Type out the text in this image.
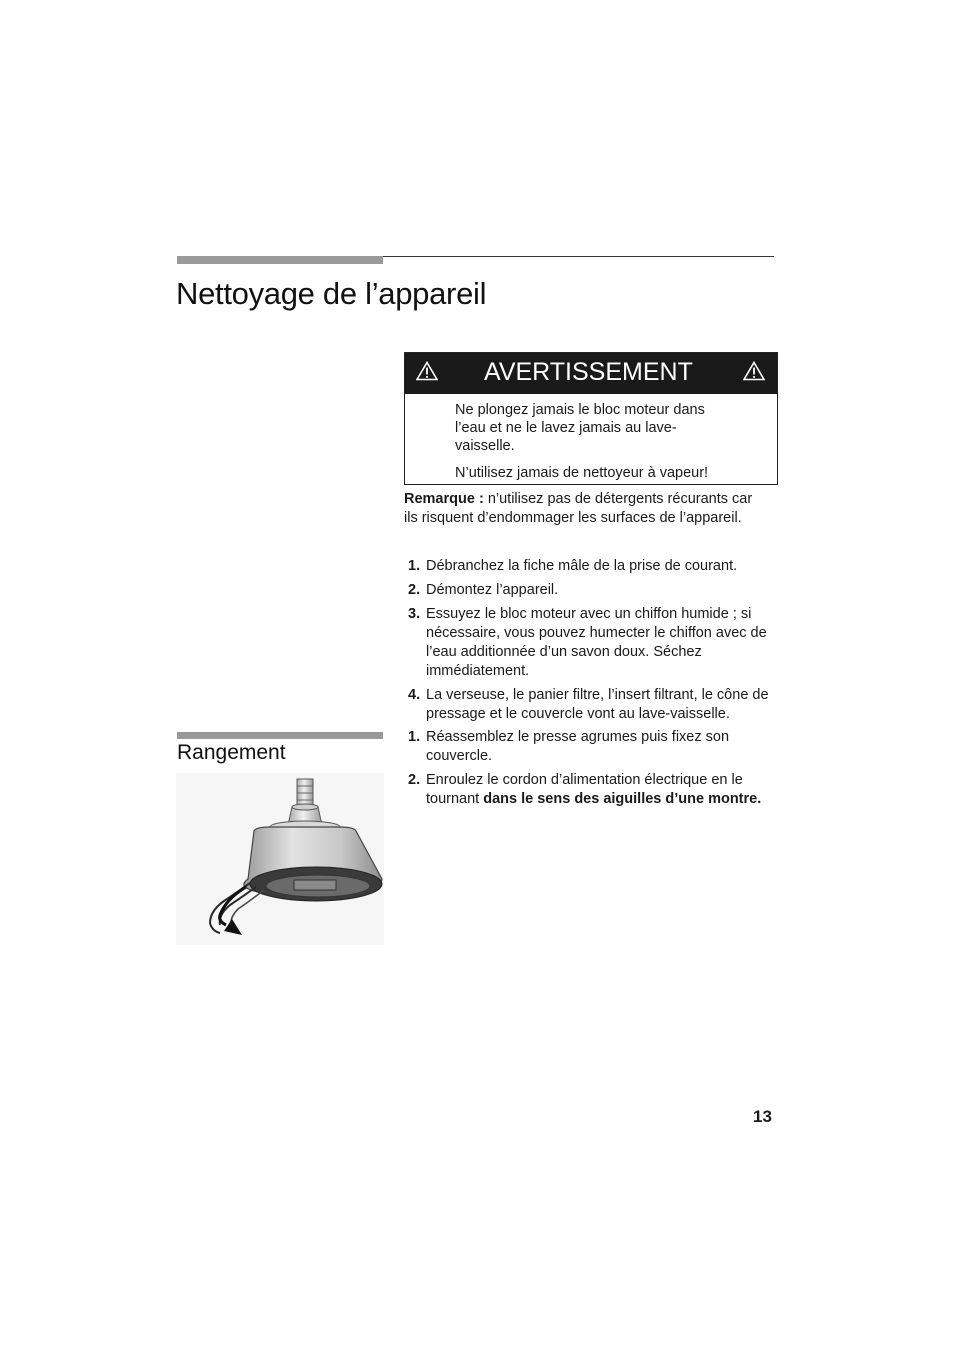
Nettoyage de l’appareil
AVERTISSEMENT

Ne plongez jamais le bloc moteur dans l’eau et ne le lavez jamais au lave-vaisselle.

N’utilisez jamais de nettoyeur à vapeur!

Remarque : n’utilisez pas de détergents récurants car ils risquent d’endommager les surfaces de l’appareil.

1. Débranchez la fiche mâle de la prise de courant.
2. Démontez l’appareil.
3. Essuyez le bloc moteur avec un chiffon humide ; si nécessaire, vous pouvez humecter le chiffon avec de l’eau additionnée d’un savon doux. Séchez immédiatement.
4. La verseuse, le panier filtre, l’insert filtrant, le cône de pressage et le couvercle vont au lave-vaisselle.
Rangement
1. Réassemblez le presse agrumes puis fixez son couvercle.
2. Enroulez le cordon d’alimentation électrique en le tournant dans le sens des aiguilles d’une montre.
13
